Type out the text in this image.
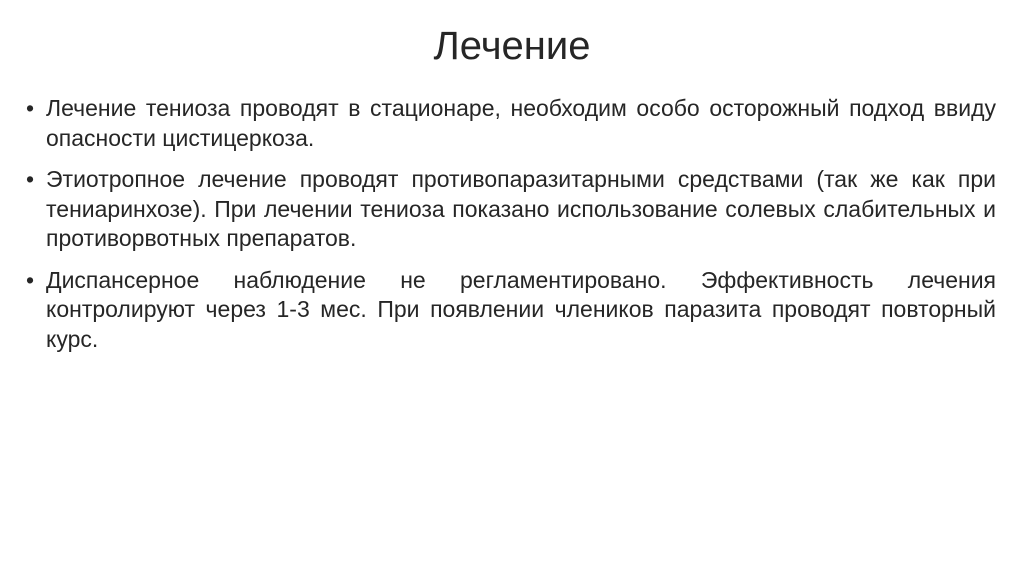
Лечение
• Лечение тениоза проводят в стационаре, необходим особо осторожный подход ввиду опасности цистицеркоза.
• Этиотропное лечение проводят противопаразитарными средствами (так же как при тениаринхозе). При лечении тениоза показано использование солевых слабительных и противорвотных препаратов.
• Диспансерное наблюдение не регламентировано. Эффективность лечения контролируют через 1-3 мес. При появлении члеников паразита проводят повторный курс.
